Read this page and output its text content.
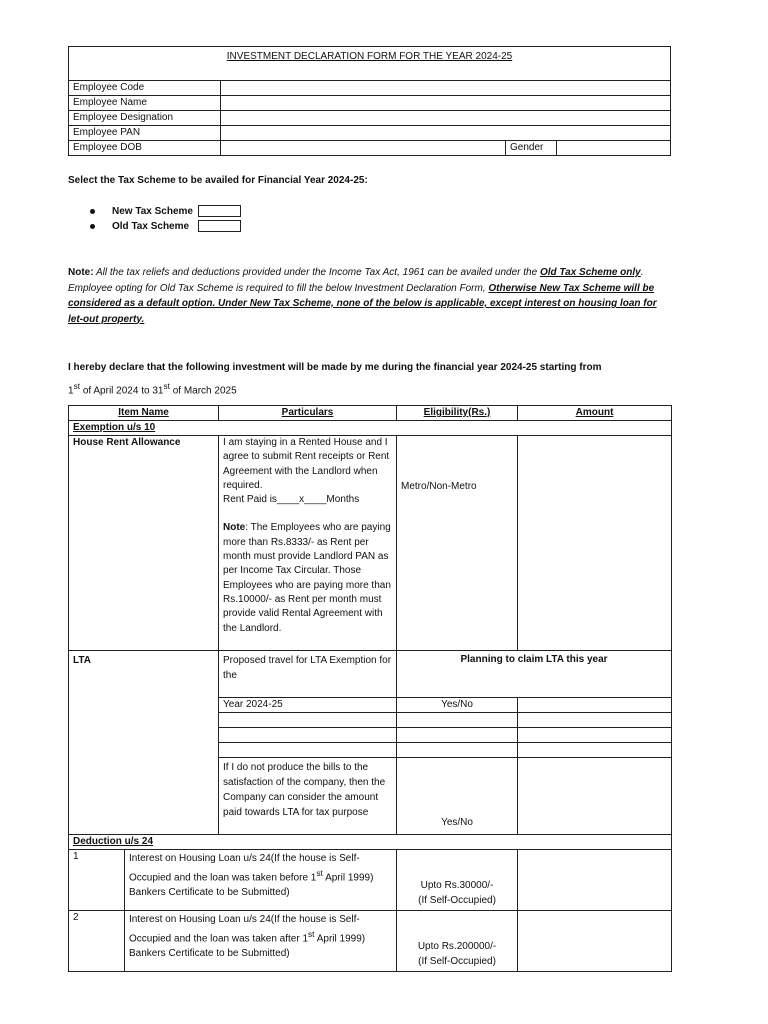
INVESTMENT DECLARATION FORM FOR THE YEAR 2024-25			
Employee Code			
Employee Name			
Employee Designation			
Employee PAN			
Employee DOB		Gender	
Select the Tax Scheme to be availed for Financial Year 2024-25:
New Tax Scheme
Old Tax Scheme
Note: All the tax reliefs and deductions provided under the Income Tax Act, 1961 can be availed under the Old Tax Scheme only. Employee opting for Old Tax Scheme is required to fill the below Investment Declaration Form, Otherwise New Tax Scheme will be considered as a default option. Under New Tax Scheme, none of the below is applicable, except interest on housing loan for let-out property.
I hereby declare that the following investment will be made by me during the financial year 2024-25 starting from
1st of April 2024 to 31st of March 2025
Item Name		Particulars	Eligibility(Rs.)	Amount
Exemption u/s 10				
House Rent Allowance		I am staying in a Rented House and I agree to submit Rent receipts or Rent Agreement with the Landlord when required.
Rent Paid is____x____Months
Note: The Employees who are paying more than Rs.8333/- as Rent per month must provide Landlord PAN as per Income Tax Circular. Those Employees who are paying more than Rs.10000/- as Rent per month must provide valid Rental Agreement with the Landlord.	Metro/Non-Metro	
LTA		Proposed travel for LTA Exemption for the	Planning to claim LTA this year	
		Year 2024-25	Yes/No	

		If I do not produce the bills to the satisfaction of the company, then the Company can consider the amount paid towards LTA for tax purpose	Yes/No	
Deduction u/s 24				
1	Interest on Housing Loan u/s 24(If the house is Self-Occupied and the loan was taken before 1st April 1999) Bankers Certificate to be Submitted)		Upto Rs.30000/-
(If Self-Occupied)	

2	Interest on Housing Loan u/s 24(If the house is Self-Occupied and the loan was taken after 1st April 1999) Bankers Certificate to be Submitted)		Upto Rs.200000/-
(If Self-Occupied)	
